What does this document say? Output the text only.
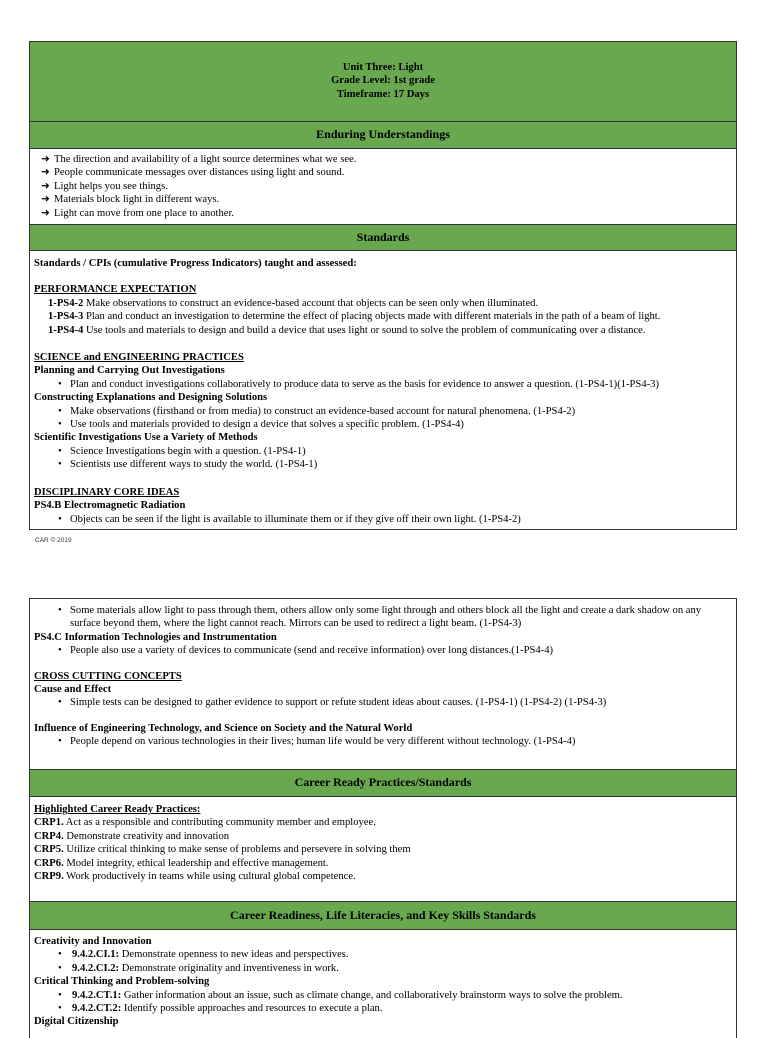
Unit Three: Light
Grade Level: 1st grade
Timeframe: 17 Days
Enduring Understandings
➜ The direction and availability of a light source determines what we see.
➜ People communicate messages over distances using light and sound.
➜ Light helps you see things.
➜ Materials block light in different ways.
➜ Light can move from one place to another.
Standards
Standards / CPIs (cumulative Progress Indicators) taught and assessed:
PERFORMANCE EXPECTATION
1-PS4-2 Make observations to construct an evidence-based account that objects can be seen only when illuminated.
1-PS4-3 Plan and conduct an investigation to determine the effect of placing objects made with different materials in the path of a beam of light.
1-PS4-4 Use tools and materials to design and build a device that uses light or sound to solve the problem of communicating over a distance.
SCIENCE and ENGINEERING PRACTICES
Planning and Carrying Out Investigations
• Plan and conduct investigations collaboratively to produce data to serve as the basis for evidence to answer a question. (1-PS4-1)(1-PS4-3)
Constructing Explanations and Designing Solutions
• Make observations (firsthand or from media) to construct an evidence-based account for natural phenomena. (1-PS4-2)
• Use tools and materials provided to design a device that solves a specific problem. (1-PS4-4)
Scientific Investigations Use a Variety of Methods
• Science Investigations begin with a question. (1-PS4-1)
• Scientists use different ways to study the world. (1-PS4-1)
DISCIPLINARY CORE IDEAS
PS4.B Electromagnetic Radiation
• Objects can be seen if the light is available to illuminate them or if they give off their own light. (1-PS4-2)
CAR © 2019
• Some materials allow light to pass through them, others allow only some light through and others block all the light and create a dark shadow on any surface beyond them, where the light cannot reach. Mirrors can be used to redirect a light beam. (1-PS4-3)
PS4.C Information Technologies and Instrumentation
• People also use a variety of devices to communicate (send and receive information) over long distances.(1-PS4-4)
CROSS CUTTING CONCEPTS
Cause and Effect
• Simple tests can be designed to gather evidence to support or refute student ideas about causes. (1-PS4-1) (1-PS4-2) (1-PS4-3)
Influence of Engineering Technology, and Science on Society and the Natural World
• People depend on various technologies in their lives; human life would be very different without technology. (1-PS4-4)
Career Ready Practices/Standards
Highlighted Career Ready Practices:
CRP1. Act as a responsible and contributing community member and employee.
CRP4. Demonstrate creativity and innovation
CRP5. Utilize critical thinking to make sense of problems and persevere in solving them
CRP6. Model integrity, ethical leadership and effective management.
CRP9. Work productively in teams while using cultural global competence.
Career Readiness, Life Literacies, and Key Skills Standards
Creativity and Innovation
• 9.4.2.CI.1: Demonstrate openness to new ideas and perspectives.
• 9.4.2.CI.2: Demonstrate originality and inventiveness in work.
Critical Thinking and Problem-solving
• 9.4.2.CT.1: Gather information about an issue, such as climate change, and collaboratively brainstorm ways to solve the problem.
• 9.4.2.CT.2: Identify possible approaches and resources to execute a plan.
Digital Citizenship
